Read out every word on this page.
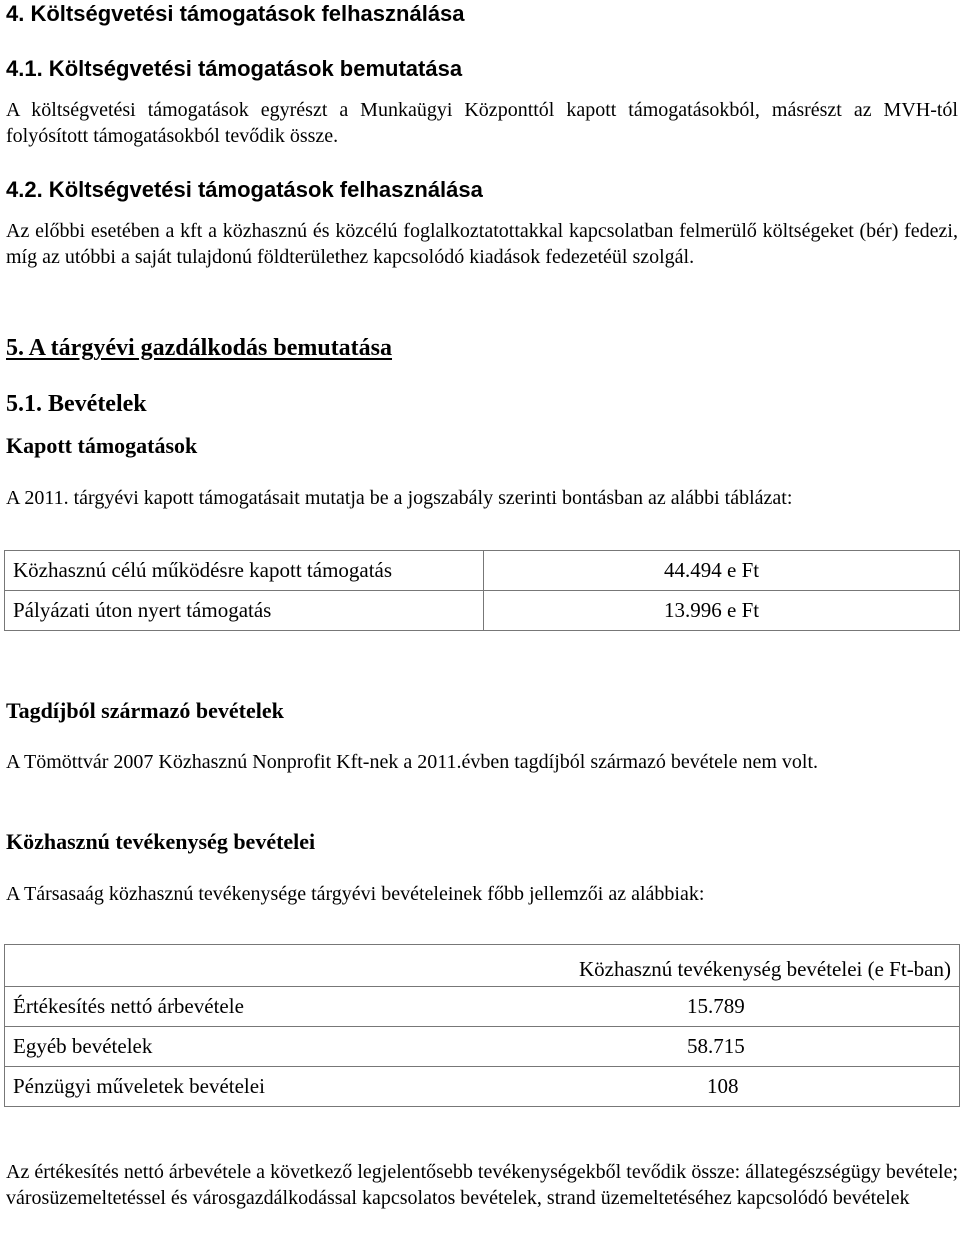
4. Költségvetési támogatások felhasználása
4.1. Költségvetési támogatások bemutatása
A költségvetési támogatások egyrészt a Munkaügyi Központtól kapott támogatásokból, másrészt az MVH-tól folyósított támogatásokból tevődik össze.
4.2. Költségvetési támogatások felhasználása
Az előbbi esetében a kft a közhasznú és közcélú foglalkoztatottakkal kapcsolatban felmerülő költségeket (bér) fedezi, míg az utóbbi a saját tulajdonú földterülethez kapcsolódó kiadások fedezetéül szolgál.
5. A tárgyévi gazdálkodás bemutatása
5.1. Bevételek
Kapott támogatások
A 2011. tárgyévi kapott támogatásait mutatja be a jogszabály szerinti bontásban az alábbi táblázat:
Közhasznú célú működésre kapott támogatás	44.494 e Ft
Pályázati úton nyert támogatás	13.996 e Ft
Tagdíjból származó bevételek
A Tömöttvár 2007 Közhasznú Nonprofit Kft-nek a 2011.évben tagdíjból származó bevétele nem volt.
Közhasznú tevékenység bevételei
A Társasaág közhasznú tevékenysége tárgyévi bevételeinek főbb jellemzői az alábbiak:
Közhasznú tevékenység bevételei (e Ft-ban)	
Értékesítés nettó árbevétele	15.789
Egyéb bevételek	58.715
Pénzügyi műveletek bevételei	108
Az értékesítés nettó árbevétele a következő legjelentősebb tevékenységekből tevődik össze: állategészségügy bevétele; városüzemeltetéssel és városgazdálkodással kapcsolatos bevételek, strand üzemeltetéséhez kapcsolódó bevételek
